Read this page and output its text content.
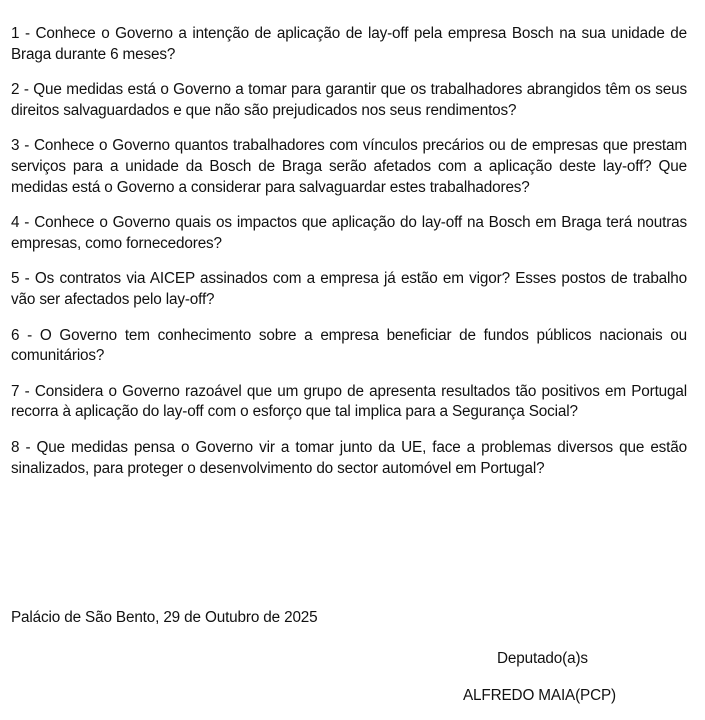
1 - Conhece o Governo a intenção de aplicação de lay-off pela empresa Bosch na sua unidade de Braga durante 6 meses?

2 - Que medidas está o Governo a tomar para garantir que os trabalhadores abrangidos têm os seus direitos salvaguardados e que não são prejudicados nos seus rendimentos?

3 - Conhece o Governo quantos trabalhadores com vínculos precários ou de empresas que prestam serviços para a unidade da Bosch de Braga serão afetados com a aplicação deste lay-off? Que medidas está o Governo a considerar para salvaguardar estes trabalhadores?

4 - Conhece o Governo quais os impactos que aplicação do lay-off na Bosch em Braga terá noutras empresas, como fornecedores?

5 - Os contratos via AICEP assinados com a empresa já estão em vigor? Esses postos de trabalho vão ser afectados pelo lay-off?

6 - O Governo tem conhecimento sobre a empresa beneficiar de fundos públicos nacionais ou comunitários?

7 - Considera o Governo razoável que um grupo de apresenta resultados tão positivos em Portugal recorra à aplicação do lay-off com o esforço que tal implica para a Segurança Social?

8 - Que medidas pensa o Governo vir a tomar junto da UE, face a problemas diversos que estão sinalizados, para proteger o desenvolvimento do sector automóvel em Portugal?

Palácio de São Bento, 29 de Outubro de 2025
Deputado(a)s
ALFREDO MAIA(PCP)
